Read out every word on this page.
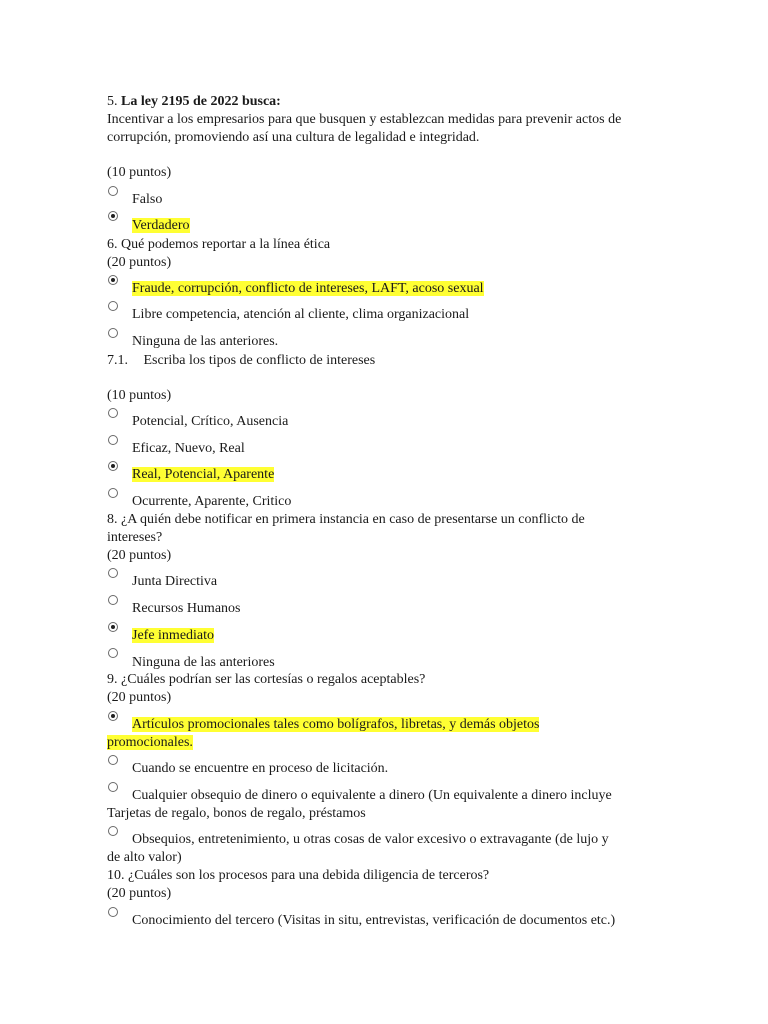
5. La ley 2195 de 2022 busca:
Incentivar a los empresarios para que busquen y establezcan medidas para prevenir actos de
corrupción, promoviendo así una cultura de legalidad e integridad.
(10 puntos)
Falso
Verdadero
6. Qué podemos reportar a la línea ética
(20 puntos)
Fraude, corrupción, conflicto de intereses, LAFT, acoso sexual
Libre competencia, atención al cliente, clima organizacional
Ninguna de las anteriores.
7.1. Escriba los tipos de conflicto de intereses
(10 puntos)
Potencial, Crítico, Ausencia
Eficaz, Nuevo, Real
Real, Potencial, Aparente
Ocurrente, Aparente, Critico
8. ¿A quién debe notificar en primera instancia en caso de presentarse un conflicto de
intereses?
(20 puntos)
Junta Directiva
Recursos Humanos
Jefe inmediato
Ninguna de las anteriores
9. ¿Cuáles podrían ser las cortesías o regalos aceptables?
(20 puntos)
Artículos promocionales tales como bolígrafos, libretas, y demás objetos
promocionales.
Cuando se encuentre en proceso de licitación.
Cualquier obsequio de dinero o equivalente a dinero (Un equivalente a dinero incluye
Tarjetas de regalo, bonos de regalo, préstamos
Obsequios, entretenimiento, u otras cosas de valor excesivo o extravagante (de lujo y
de alto valor)
10. ¿Cuáles son los procesos para una debida diligencia de terceros?
(20 puntos)
Conocimiento del tercero (Visitas in situ, entrevistas, verificación de documentos etc.)
